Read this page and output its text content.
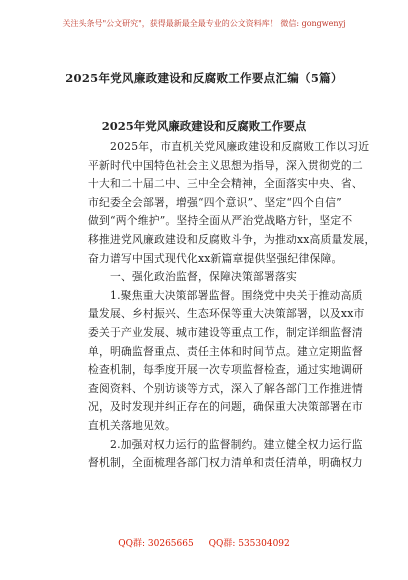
关注头条号"公文研究"，获得最新最全最专业的公文资料库！ 微信: gongwenyj
2025年党风廉政建设和反腐败工作要点汇编（5篇）
2025年党风廉政建设和反腐败工作要点

2025年，市直机关党风廉政建设和反腐败工作以习近

平新时代中国特色社会主义思想为指导，深入贯彻党的二

十大和二十届二中、三中全会精神，全面落实中央、省、

市纪委全会部署，增强“四个意识”、坚定“四个自信”

做到“两个维护”。坚持全面从严治党战略方针，坚定不

移推进党风廉政建设和反腐败斗争，为推动xx高质量发展，

奋力谱写中国式现代化xx新篇章提供坚强纪律保障。

一、强化政治监督，保障决策部署落实

1.聚焦重大决策部署监督。围绕党中央关于推动高质

量发展、乡村振兴、生态环保等重大决策部署，以及xx市

委关于产业发展、城市建设等重点工作，制定详细监督清

单，明确监督重点、责任主体和时间节点。建立定期监督

检查机制，每季度开展一次专项监督检查，通过实地调研

查阅资料、个别访谈等方式，深入了解各部门工作推进情

况，及时发现并纠正存在的问题，确保重大决策部署在市

直机关落地见效。

2.加强对权力运行的监督制约。建立健全权力运行监

督机制，全面梳理各部门权力清单和责任清单，明确权力

QQ群: 30265665 QQ群: 535304092
